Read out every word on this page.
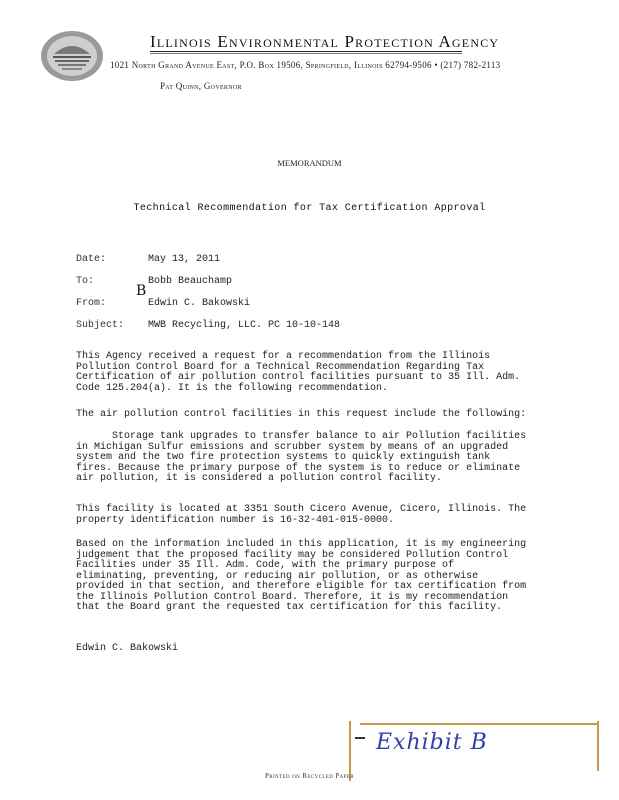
Illinois Environmental Protection Agency
1021 North Grand Avenue East, P.O. Box 19506, Springfield, Illinois 62794-9506 • (217) 782-2113
Pat Quinn, Governor
MEMORANDUM
Technical Recommendation for Tax Certification Approval
Date:	May 13, 2011
To:	Bobb Beauchamp
From:
B
Edwin C. Bakowski
Subject: MWB Recycling, LLC. PC 10-10-148
This Agency received a request for a recommendation from the Illinois Pollution Control Board for a Technical Recommendation Regarding Tax Certification of air pollution control facilities pursuant to 35 Ill. Adm. Code 125.204(a). It is the following recommendation.
The air pollution control facilities in this request include the following:
Storage tank upgrades to transfer balance to air Pollution facilities in Michigan Sulfur emissions and scrubber system by means of an upgraded system and the two fire protection systems to quickly extinguish tank fires. Because the primary purpose of the system is to reduce or eliminate air pollution, it is considered a pollution control facility.
This facility is located at 3351 South Cicero Avenue, Cicero, Illinois. The property identification number is 16-32-401-015-0000.
Based on the information included in this application, it is my engineering judgement that the proposed facility may be considered Pollution Control Facilities under 35 Ill. Adm. Code, with the primary purpose of eliminating, preventing, or reducing air pollution, or as otherwise provided in that section, and therefore eligible for tax certification from the Illinois Pollution Control Board. Therefore, it is my recommendation that the Board grant the requested tax certification for this facility.
Edwin C. Bakowski
Exhibit B
Printed on Recycled Paper
